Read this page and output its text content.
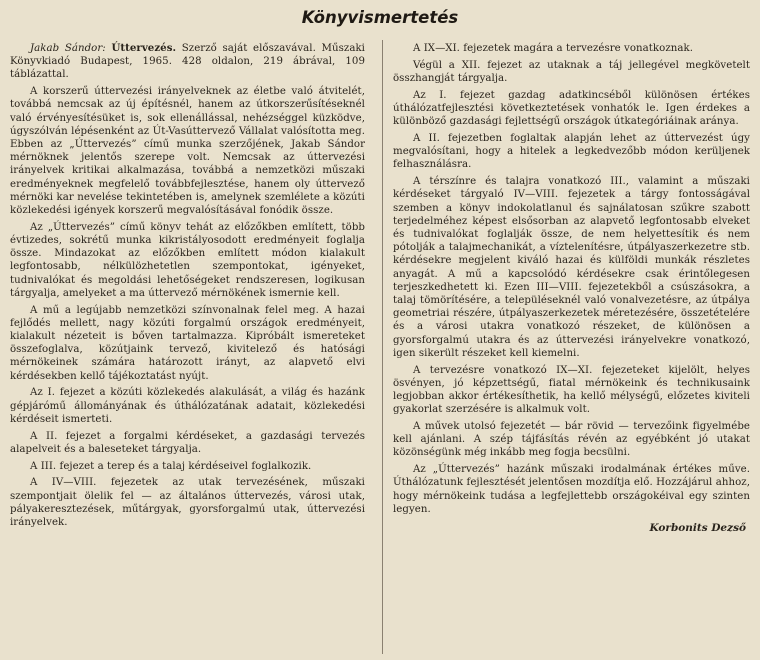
Könyvismertetés

Jakab Sándor: Úttervezés. Szerző saját előszavával. Műszaki Könyvkiadó Budapest, 1965. 428 oldalon, 219 ábrával, 109 táblázattal.

A korszerű úttervezési irányelveknek az életbe való átvitelét, továbbá nemcsak az új építésnél, hanem az útkorszerűsítéseknél való érvényesítésüket is, sok ellenállással, nehézséggel küzködve, úgyszólván lépésenként az Út-Vasúttervező Vállalat valósította meg. Ebben az „Úttervezés” című munka szerzőjének, Jakab Sándor mérnöknek jelentős szerepe volt. Nemcsak az úttervezési irányelvek kritikai alkalmazása, továbbá a nemzetközi műszaki eredményeknek megfelelő továbbfejlesztése, hanem oly úttervező mérnöki kar nevelése tekintetében is, amelynek szemlélete a közúti közlekedési igények korszerű megvalósításával fonódik össze.

Az „Úttervezés” című könyv tehát az előzőkben említett, több évtizedes, sokrétű munka kikristályosodott eredményeit foglalja össze. Mindazokat az előzőkben említett módon kialakult legfontosabb, nélkülözhetetlen szempontokat, igényeket, tudnivalókat és megoldási lehetőségeket rendszeresen, logikusan tárgyalja, amelyeket a ma úttervező mérnökének ismernie kell.

A mű a legújabb nemzetközi színvonalnak felel meg. A hazai fejlődés mellett, nagy közúti forgalmú országok eredményeit, kialakult nézeteit is bőven tartalmazza. Kipróbált ismereteket összefoglalva, közútjaink tervező, kivitelező és hatósági mérnökeinek számára határozott irányt, az alapvető elvi kérdésekben kellő tájékoztatást nyújt.

Az I. fejezet a közúti közlekedés alakulását, a világ és hazánk gépjárómű állományának és úthálózatának adatait, közlekedési kérdéseit ismerteti.

A II. fejezet a forgalmi kérdéseket, a gazdasági tervezés alapelveit és a baleseteket tárgyalja.

A III. fejezet a terep és a talaj kérdéseivel foglalkozik.

A IV—VIII. fejezetek az utak tervezésének, műszaki szempontjait ölelik fel — az általános úttervezés, városi utak, pályakeresztezések, műtárgyak, gyorsforgalmú utak, úttervezési irányelvek.

A IX—XI. fejezetek magára a tervezésre vonatkoznak.

Végül a XII. fejezet az utaknak a táj jellegével megkövetelt összhangját tárgyalja.

Az I. fejezet gazdag adatkincséből különösen értékes úthálózatfejlesztési következtetések vonhatók le. Igen érdekes a különböző gazdasági fejlettségű országok útkategóriáinak aránya.

A II. fejezetben foglaltak alapján lehet az úttervezést úgy megvalósítani, hogy a hitelek a legkedvezőbb módon kerüljenek felhasználásra.

A térszínre és talajra vonatkozó III., valamint a műszaki kérdéseket tárgyaló IV—VIII. fejezetek a tárgy fontosságával szemben a könyv indokolatlanul és sajnálatosan szűkre szabott terjedelméhez képest elsősorban az alapvető legfontosabb elveket és tudnivalókat foglalják össze, de nem helyettesítik és nem pótolják a talajmechanikát, a víztelenítésre, útpályaszerkezetre stb. kérdésekre megjelent kiváló hazai és külföldi munkák részletes anyagát. A mű a kapcsolódó kérdésekre csak érintőlegesen terjeszkedhetett ki. Ezen III—VIII. fejezetekből a csúszásokra, a talaj tömörítésére, a településeknél való vonalvezetésre, az útpálya geometriai részére, útpályaszerkezetek méretezésére, összetételére és a városi utakra vonatkozó részeket, de különösen a gyorsforgalmú utakra és az úttervezési irányelvekre vonatkozó, igen sikerült részeket kell kiemelni.

A tervezésre vonatkozó IX—XI. fejezeteket kijelölt, helyes ösvényen, jó képzettségű, fiatal mérnökeink és technikusaink legjobban akkor értékesíthetik, ha kellő mélységű, előzetes kiviteli gyakorlat szerzésére is alkalmuk volt.

A művek utolsó fejezetét — bár rövid — tervezőink figyelmébe kell ajánlani. A szép tájfásítás révén az egyébként jó utakat közönségünk még inkább meg fogja becsülni.

Az „Úttervezés” hazánk műszaki irodalmának értékes műve. Úthálózatunk fejlesztését jelentősen mozdítja elő. Hozzájárul ahhoz, hogy mérnökeink tudása a legfejlettebb országokéival egy szinten legyen.

Korbonits Dezső
